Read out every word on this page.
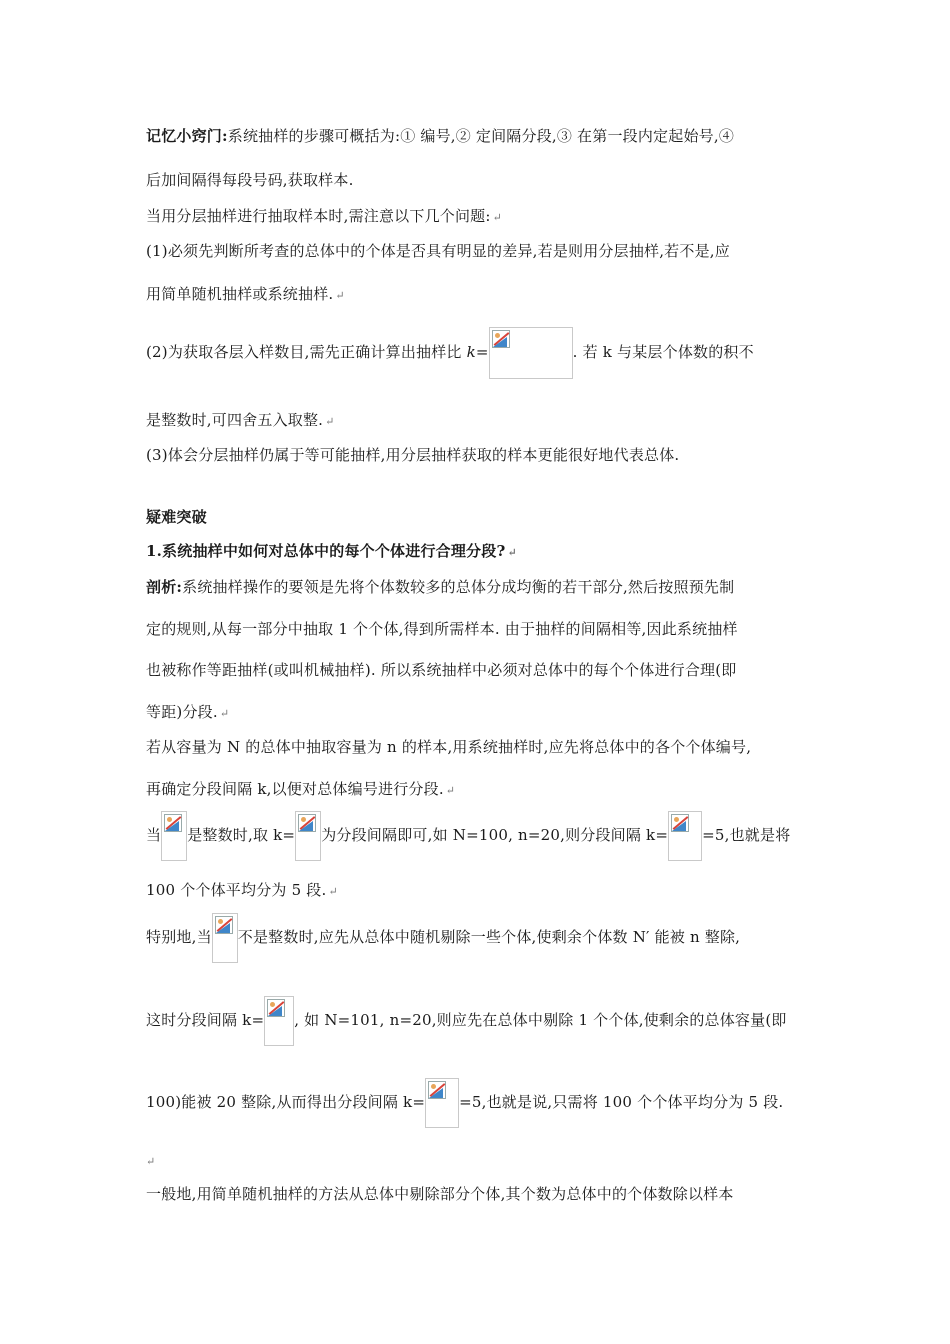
记忆小窍门:系统抽样的步骤可概括为:① 编号,② 定间隔分段,③ 在第一段内定起始号,④
后加间隔得每段号码,获取样本.
当用分层抽样进行抽取样本时,需注意以下几个问题: ↵
(1)必须先判断所考查的总体中的个体是否具有明显的差异,若是则用分层抽样,若不是,应
用简单随机抽样或系统抽样. ↵
(2)为获取各层入样数目,需先正确计算出抽样比 k=	. 若 k 与某层个体数的积不
是整数时,可四舍五入取整. ↵
(3)体会分层抽样仍属于等可能抽样,用分层抽样获取的样本更能很好地代表总体.
疑难突破
1.系统抽样中如何对总体中的每个个体进行合理分段? ↵
剖析:系统抽样操作的要领是先将个体数较多的总体分成均衡的若干部分,然后按照预先制
定的规则,从每一部分中抽取 1 个个体,得到所需样本. 由于抽样的间隔相等,因此系统抽样
也被称作等距抽样(或叫机械抽样). 所以系统抽样中必须对总体中的每个个体进行合理(即
等距)分段. ↵
若从容量为 N 的总体中抽取容量为 n 的样本,用系统抽样时,应先将总体中的各个个体编号,
再确定分段间隔 k,以便对总体编号进行分段. ↵
当 是整数时,取 k= 为分段间隔即可,如 N=100, n=20,则分段间隔 k= =5,也就是将
100 个个体平均分为 5 段. ↵
特别地,当 不是整数时,应先从总体中随机剔除一些个体,使剩余个体数 N′ 能被 n 整除,
这时分段间隔 k= , 如 N=101, n=20,则应先在总体中剔除 1 个个体,使剩余的总体容量(即
100)能被 20 整除,从而得出分段间隔 k= =5,也就是说,只需将 100 个个体平均分为 5 段.
↵
一般地,用简单随机抽样的方法从总体中剔除部分个体,其个数为总体中的个体数除以样本
